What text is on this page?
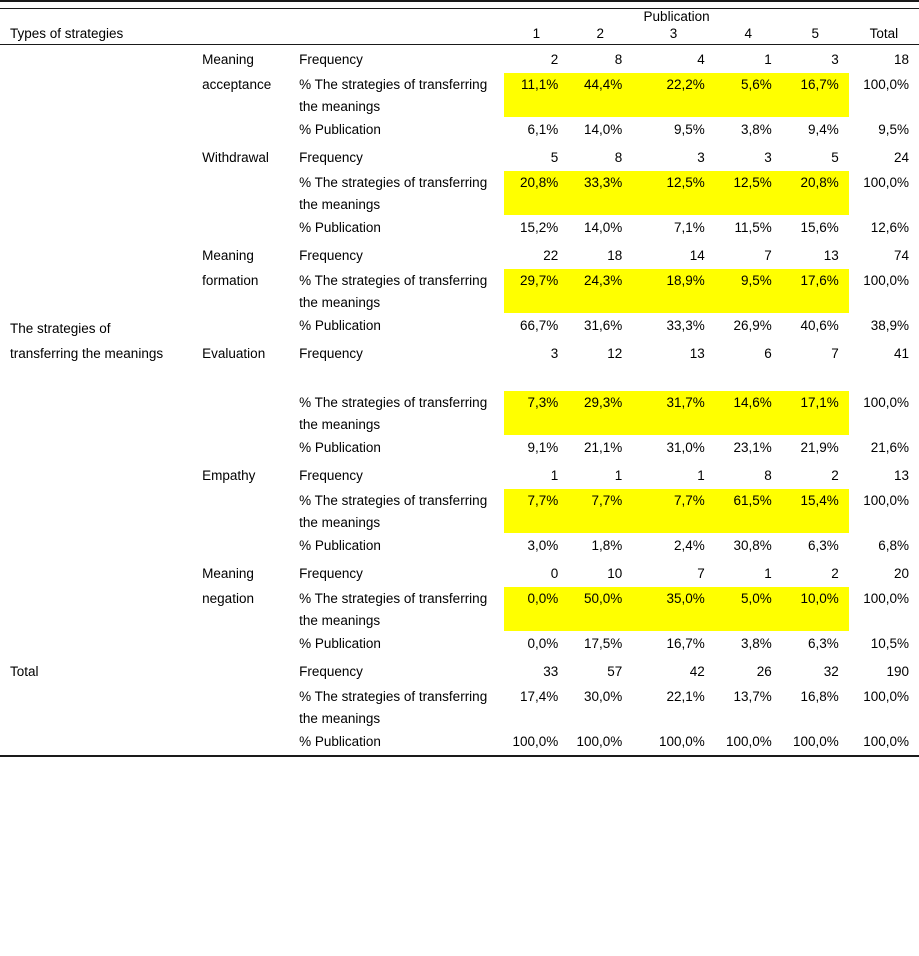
			Publication					
Types of strategies			1	2	3	4	5	Total
	Meaning	Frequency	2	8	4	1	3	18
	acceptance	% The strategies of transferring	11,1%	44,4%	22,2%	5,6%	16,7%	100,0%
		the meanings						
		% Publication	6,1%	14,0%	9,5%	3,8%	9,4%	9,5%
	Withdrawal	Frequency	5	8	3	3	5	24

		% The strategies of transferring	20,8%	33,3%	12,5%	12,5%	20,8%	100,0%
		the meanings						
		% Publication	15,2%	14,0%	7,1%	11,5%	15,6%	12,6%
	Meaning	Frequency	22	18	14	7	13	74
	formation	% The strategies of transferring	29,7%	24,3%	18,9%	9,5%	17,6%	100,0%
		the meanings						
		% Publication	66,7%	31,6%	33,3%	26,9%	40,6%	38,9%

The strategies of
transferring the meanings	Evaluation	Frequency	3	12	13	6	7	41

		% The strategies of transferring	7,3%	29,3%	31,7%	14,6%	17,1%	100,0%
		the meanings						
		% Publication	9,1%	21,1%	31,0%	23,1%	21,9%	21,6%
	Empathy	Frequency	1	1	1	8	2	13

		% The strategies of transferring	7,7%	7,7%	7,7%	61,5%	15,4%	100,0%
		the meanings						
		% Publication	3,0%	1,8%	2,4%	30,8%	6,3%	6,8%
	Meaning	Frequency	0	10	7	1	2	20
	negation	% The strategies of transferring	0,0%	50,0%	35,0%	5,0%	10,0%	100,0%
		the meanings						
		% Publication	0,0%	17,5%	16,7%	3,8%	6,3%	10,5%
Total		Frequency	33	57	42	26	32	190

		% The strategies of transferring	17,4%	30,0%	22,1%	13,7%	16,8%	100,0%
		the meanings						
		% Publication	100,0%	100,0%	100,0%	100,0%	100,0%	100,0%
